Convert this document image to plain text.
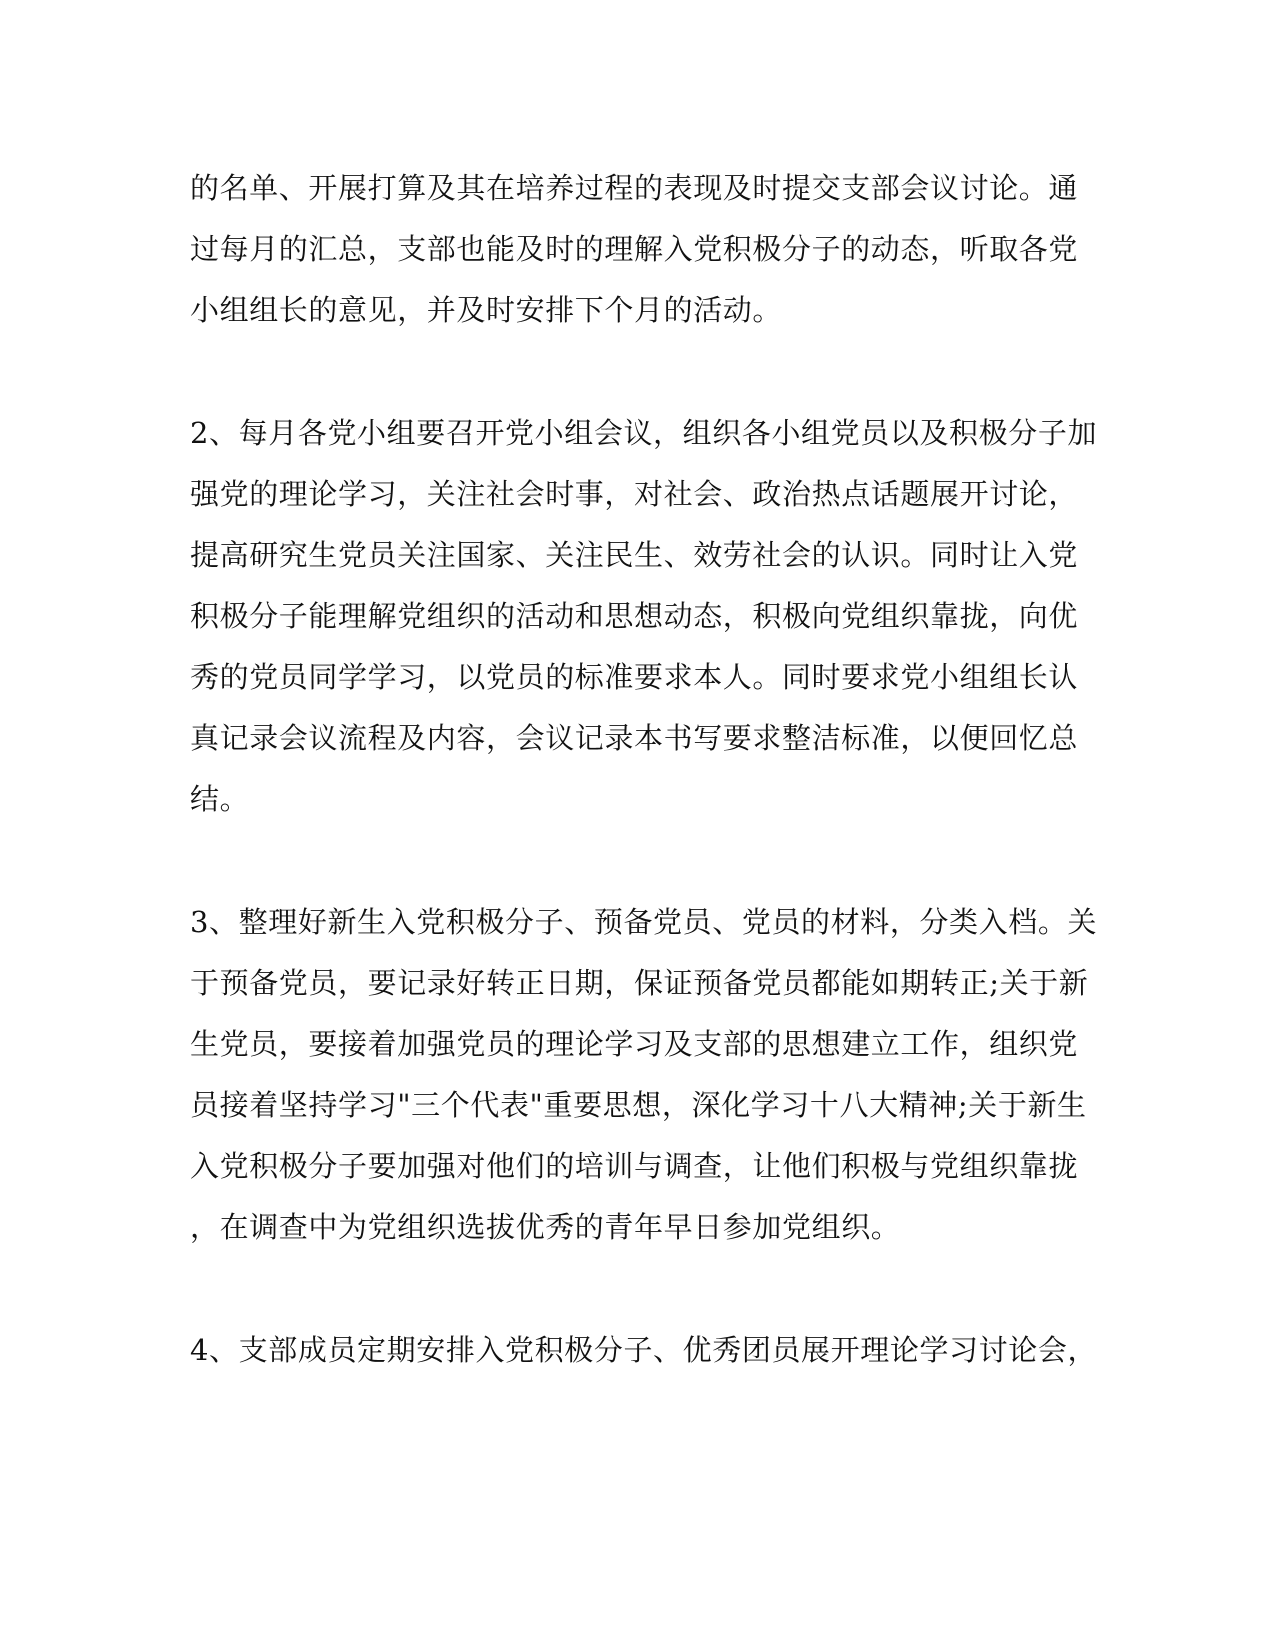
的名单、开展打算及其在培养过程的表现及时提交支部会议讨论。通
过每月的汇总，支部也能及时的理解入党积极分子的动态，听取各党
小组组长的意见，并及时安排下个月的活动。
2、每月各党小组要召开党小组会议，组织各小组党员以及积极分子加
强党的理论学习，关注社会时事，对社会、政治热点话题展开讨论，
提高研究生党员关注国家、关注民生、效劳社会的认识。同时让入党
积极分子能理解党组织的活动和思想动态，积极向党组织靠拢，向优
秀的党员同学学习，以党员的标准要求本人。同时要求党小组组长认
真记录会议流程及内容，会议记录本书写要求整洁标准，以便回忆总
结。
3、整理好新生入党积极分子、预备党员、党员的材料，分类入档。关
于预备党员，要记录好转正日期，保证预备党员都能如期转正;关于新
生党员，要接着加强党员的理论学习及支部的思想建立工作，组织党
员接着坚持学习"三个代表"重要思想，深化学习十八大精神;关于新生
入党积极分子要加强对他们的培训与调查，让他们积极与党组织靠拢
，在调查中为党组织选拔优秀的青年早日参加党组织。
4、支部成员定期安排入党积极分子、优秀团员展开理论学习讨论会，
